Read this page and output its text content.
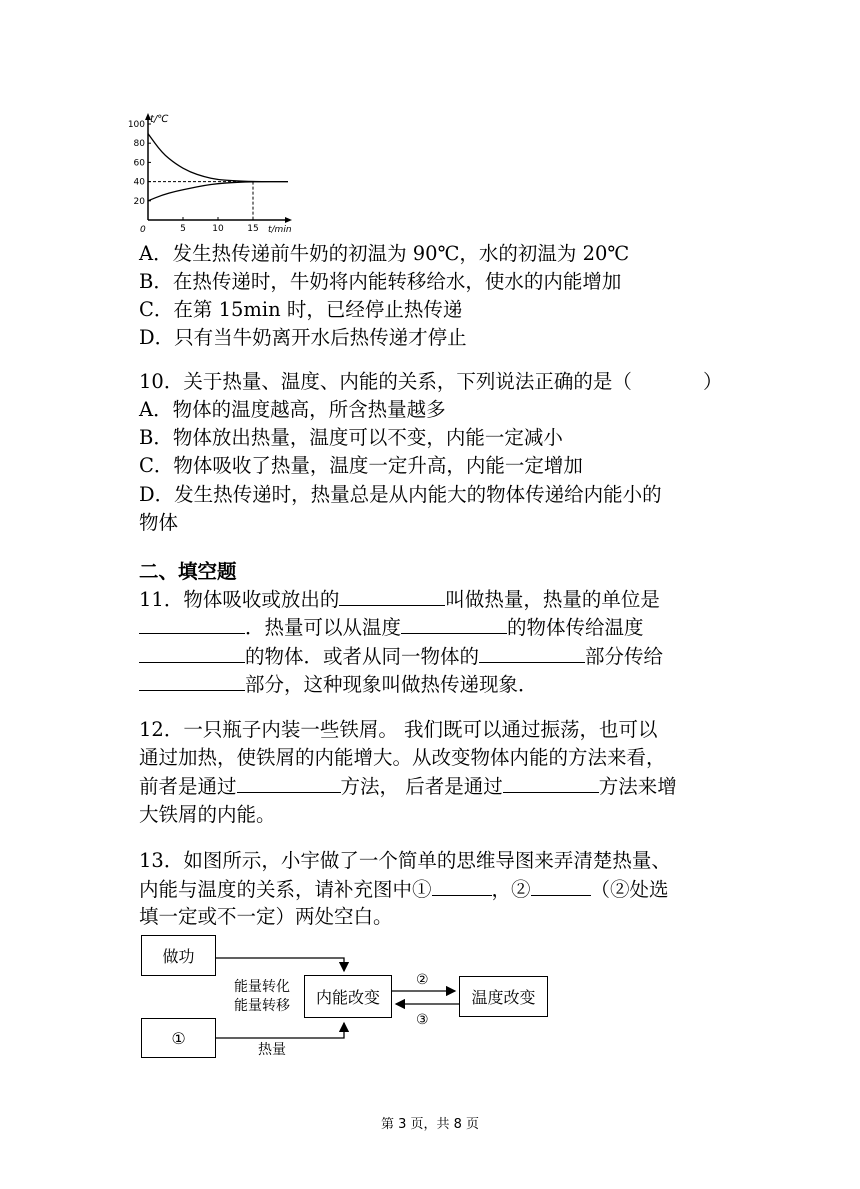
t/℃
t/min
0
20
40
60
80
100
5	10	15
A．发生热传递前牛奶的初温为 90℃，水的初温为 20℃
B．在热传递时，牛奶将内能转移给水，使水的内能增加
C．在第 15min 时，已经停止热传递
D．只有当牛奶离开水后热传递才停止
10．关于热量、温度、内能的关系，下列说法正确的是（	）
A．物体的温度越高，所含热量越多
B．物体放出热量，温度可以不变，内能一定减小
C．物体吸收了热量，温度一定升高，内能一定增加
D．发生热传递时，热量总是从内能大的物体传递给内能小的
物体
二、填空题
11．物体吸收或放出的	叫做热量，热量的单位是
．热量可以从温度	的物体传给温度
的物体．或者从同一物体的	部分传给
部分，这种现象叫做热传递现象．
12．一只瓶子内装一些铁屑。 我们既可以通过振荡，也可以
通过加热，使铁屑的内能增大。从改变物体内能的方法来看，
前者是通过	方法， 后者是通过	方法来增
大铁屑的内能。
13．如图所示，小宇做了一个简单的思维导图来弄清楚热量、
内能与温度的关系，请补充图中①	，②	（②处选
填一定或不一定）两处空白。
做功
①
内能改变	温度改变
能量转化
能量转移
热量
②
③
第 3 页，共 8 页
